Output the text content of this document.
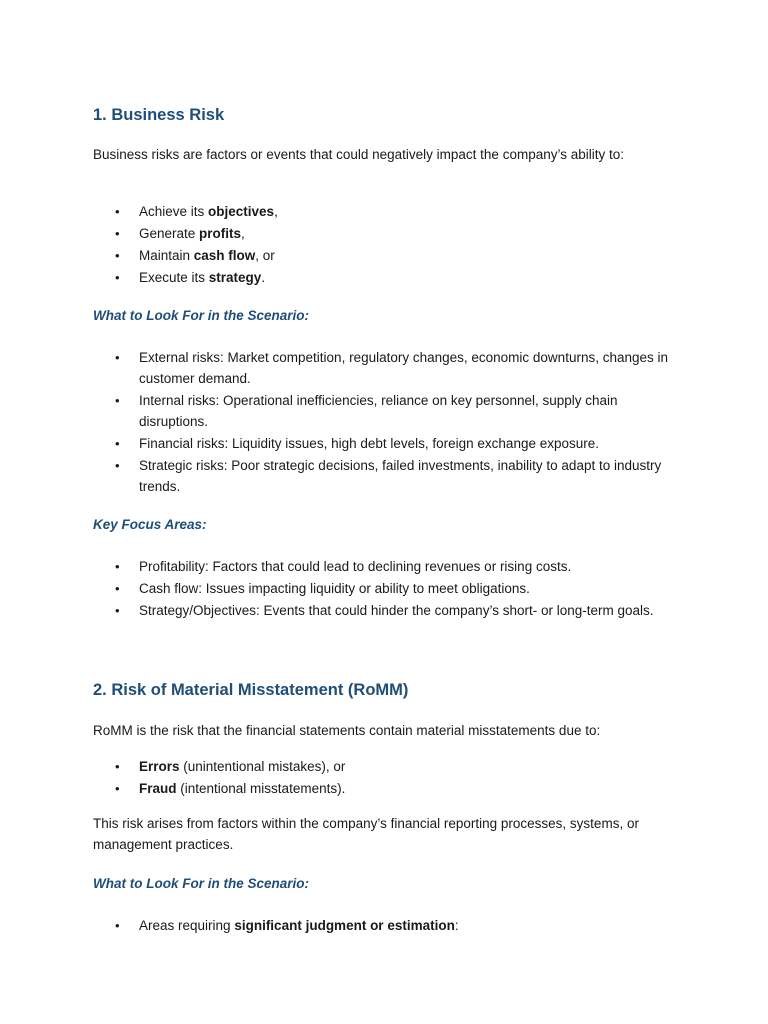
1. Business Risk

Business risks are factors or events that could negatively impact the company’s ability to:

• Achieve its objectives,
• Generate profits,
• Maintain cash flow, or
• Execute its strategy.
What to Look For in the Scenario:
• External risks: Market competition, regulatory changes, economic downturns, changes in customer demand.
• Internal risks: Operational inefficiencies, reliance on key personnel, supply chain disruptions.
• Financial risks: Liquidity issues, high debt levels, foreign exchange exposure.
• Strategic risks: Poor strategic decisions, failed investments, inability to adapt to industry trends.
Key Focus Areas:
• Profitability: Factors that could lead to declining revenues or rising costs.
• Cash flow: Issues impacting liquidity or ability to meet obligations.
• Strategy/Objectives: Events that could hinder the company’s short- or long-term goals.
2. Risk of Material Misstatement (RoMM)

RoMM is the risk that the financial statements contain material misstatements due to:

• Errors (unintentional mistakes), or
• Fraud (intentional misstatements).

This risk arises from factors within the company’s financial reporting processes, systems, or management practices.

What to Look For in the Scenario:
• Areas requiring significant judgment or estimation:
